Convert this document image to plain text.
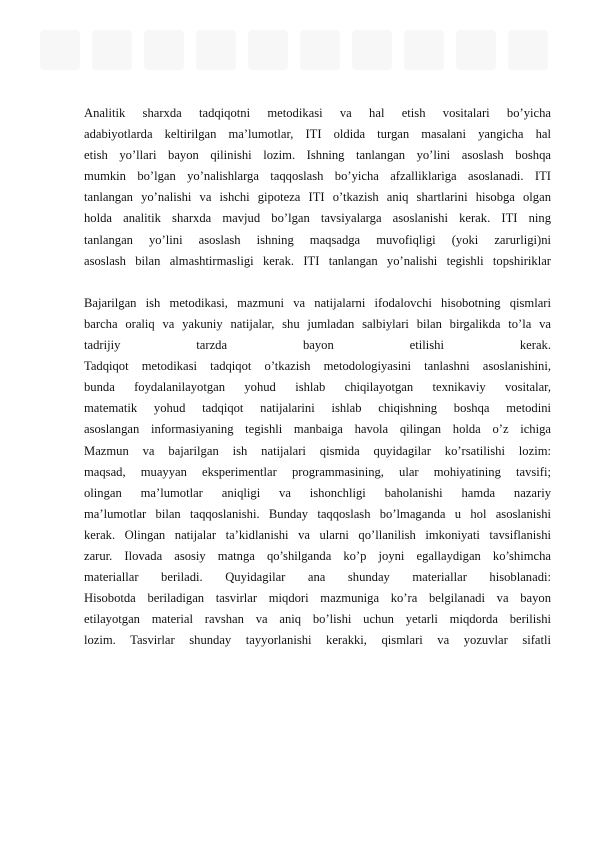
Analitik sharxda tadqiqotni metodikasi va hal etish vositalari bo’yicha

adabiyotlarda keltirilgan ma’lumotlar, ITI oldida turgan masalani yangicha hal

etish yo’llari bayon qilinishi lozim. Ishning tanlangan yo’lini asoslash boshqa

mumkin bo’lgan yo’nalishlarga taqqoslash bo’yicha afzalliklariga asoslanadi. ITI

tanlangan yo’nalishi va ishchi gipoteza ITI o’tkazish aniq shartlarini hisobga olgan

holda analitik sharxda mavjud bo’lgan tavsiyalarga asoslanishi kerak. ITI ning

tanlangan yo’lini asoslash ishning maqsadga muvofiqligi (yoki zarurligi)ni

asoslash bilan almashtirmasligi kerak. ITI tanlangan yo’nalishi tegishli topshiriklar

Bajarilgan ish metodikasi, mazmuni va natijalarni ifodalovchi hisobotning qismlari

barcha oraliq va yakuniy natijalar, shu jumladan salbiylari bilan birgalikda to’la va

tadrijiy tarzda bayon etilishi kerak.

Tadqiqot metodikasi tadqiqot o’tkazish metodologiyasini tanlashni asoslanishini,

bunda foydalanilayotgan yohud ishlab chiqilayotgan texnikaviy vositalar,

matematik yohud tadqiqot natijalarini ishlab chiqishning boshqa metodini

asoslangan informasiyaning tegishli manbaiga havola qilingan holda o’z ichiga

Mazmun va bajarilgan ish natijalari qismida quyidagilar ko’rsatilishi lozim:

maqsad, muayyan eksperimentlar programmasining, ular mohiyatining tavsifi;

olingan ma’lumotlar aniqligi va ishonchligi baholanishi hamda nazariy

ma’lumotlar bilan taqqoslanishi. Bunday taqqoslash bo’lmaganda u hol asoslanishi

kerak. Olingan natijalar ta’kidlanishi va ularni qo’llanilish imkoniyati tavsiflanishi

zarur. Ilovada asosiy matnga qo’shilganda ko’p joyni egallaydigan ko’shimcha

materiallar beriladi. Quyidagilar ana shunday materiallar hisoblanadi:

Hisobotda beriladigan tasvirlar miqdori mazmuniga ko’ra belgilanadi va bayon

etilayotgan material ravshan va aniq bo’lishi uchun yetarli miqdorda berilishi

lozim. Tasvirlar shunday tayyorlanishi kerakki, qismlari va yozuvlar sifatli
